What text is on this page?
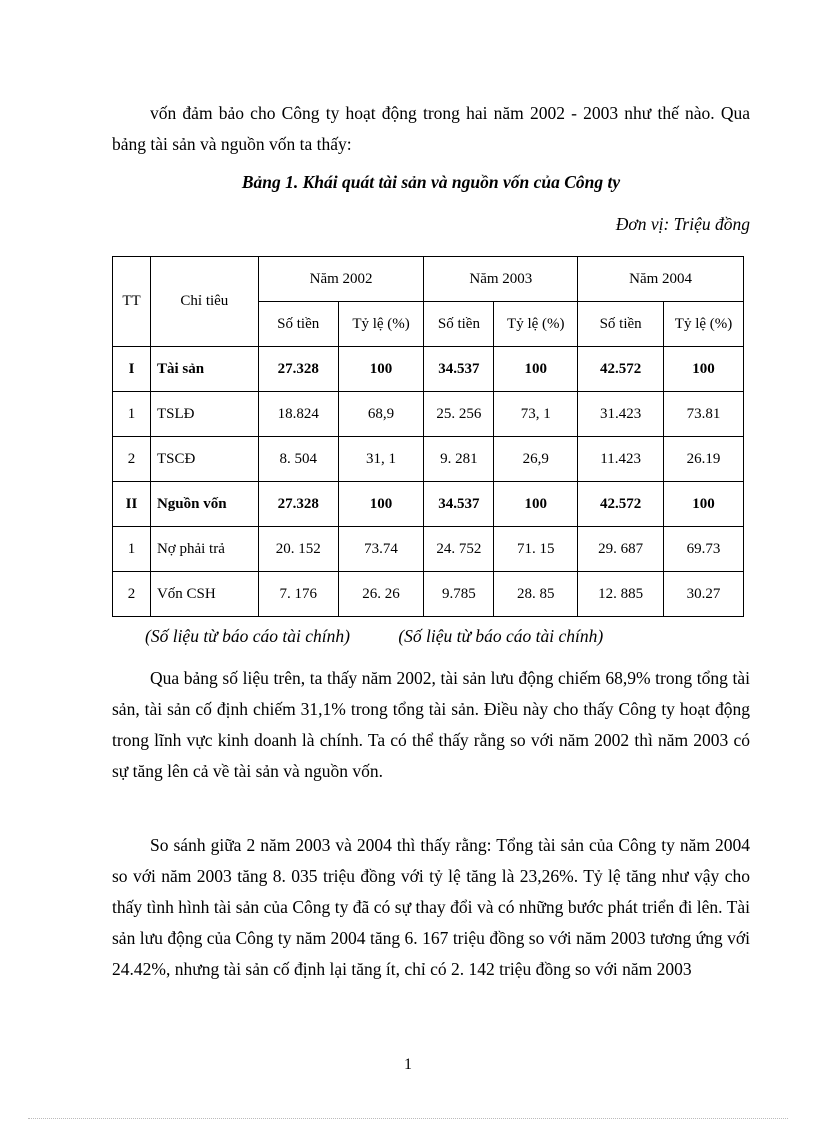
vốn đảm bảo cho Công ty hoạt động trong hai năm 2002 - 2003 như thế nào. Qua bảng tài sản và nguồn vốn ta thấy:

Bảng 1. Khái quát tài sản và nguồn vốn của Công ty
Đơn vị: Triệu đồng
TT	Chỉ tiêu	Năm 2002		Năm 2003		Năm 2004	
		Số tiền	Tỷ lệ (%)	Số tiền	Tỷ lệ (%)	Số tiền	Tỷ lệ (%)
I	Tài sản	27.328	100	34.537	100	42.572	100
1	TSLĐ	18.824	68,9	25. 256	73, 1	31.423	73.81
2	TSCĐ	8. 504	31, 1	9. 281	26,9	11.423	26.19
II	Nguồn vốn	27.328	100	34.537	100	42.572	100
1	Nợ phải trả	20. 152	73.74	24. 752	71. 15	29. 687	69.73
2	Vốn CSH	7. 176	26. 26	9.785	28. 85	12. 885	30.27
(Số liệu từ báo cáo tài chính)	(Số liệu từ báo cáo tài chính)

Qua bảng số liệu trên, ta thấy năm 2002, tài sản lưu động chiếm 68,9% trong tổng tài sản, tài sản cố định chiếm 31,1% trong tổng tài sản. Điều này cho thấy Công ty hoạt động trong lĩnh vực kinh doanh là chính. Ta có thể thấy rằng so với năm 2002 thì năm 2003 có sự tăng lên cả về tài sản và nguồn vốn.

So sánh giữa 2 năm 2003 và 2004 thì thấy rằng: Tổng tài sản của Công ty năm 2004 so với năm 2003 tăng 8. 035 triệu đồng với tỷ lệ tăng là 23,26%. Tỷ lệ tăng như vậy cho thấy tình hình tài sản của Công ty đã có sự thay đổi và có những bước phát triển đi lên. Tài sản lưu động của Công ty năm 2004 tăng 6. 167 triệu đồng so với năm 2003 tương ứng với 24.42%, nhưng tài sản cố định lại tăng ít, chỉ có 2. 142 triệu đồng so với năm 2003

1
